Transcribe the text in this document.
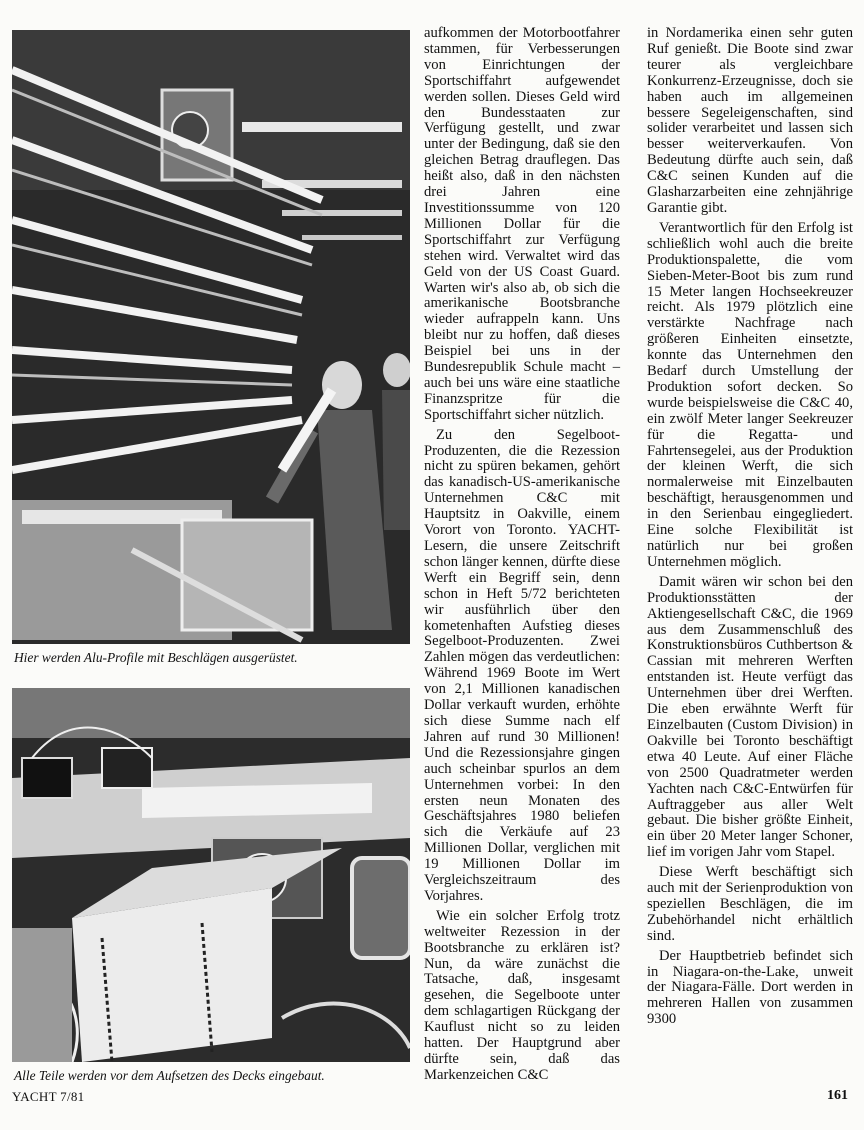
Hier werden Alu-Profile mit Beschlägen ausgerüstet.
Alle Teile werden vor dem Aufsetzen des Decks eingebaut.

aufkommen der Motorbootfahrer stammen, für Verbesserungen von Einrichtungen der Sportschiffahrt aufgewendet werden sollen. Dieses Geld wird den Bundesstaaten zur Verfügung gestellt, und zwar unter der Bedingung, daß sie den gleichen Betrag drauflegen. Das heißt also, daß in den nächsten drei Jahren eine Investitionssumme von 120 Millionen Dollar für die Sportschiffahrt zur Verfügung stehen wird. Verwaltet wird das Geld von der US Coast Guard. Warten wir's also ab, ob sich die amerikanische Bootsbranche wieder aufrappeln kann. Uns bleibt nur zu hoffen, daß dieses Beispiel bei uns in der Bundesrepublik Schule macht – auch bei uns wäre eine staatliche Finanzspritze für die Sportschiffahrt sicher nützlich.

Zu den Segelboot-Produzenten, die die Rezession nicht zu spüren bekamen, gehört das kanadisch-US-amerikanische Unternehmen C&C mit Hauptsitz in Oakville, einem Vorort von Toronto. YACHT-Lesern, die unsere Zeitschrift schon länger kennen, dürfte diese Werft ein Begriff sein, denn schon in Heft 5/72 berichteten wir ausführlich über den kometenhaften Aufstieg dieses Segelboot-Produzenten. Zwei Zahlen mögen das verdeutlichen: Während 1969 Boote im Wert von 2,1 Millionen kanadischen Dollar verkauft wurden, erhöhte sich diese Summe nach elf Jahren auf rund 30 Millionen! Und die Rezessionsjahre gingen auch scheinbar spurlos an dem Unternehmen vorbei: In den ersten neun Monaten des Geschäftsjahres 1980 beliefen sich die Verkäufe auf 23 Millionen Dollar, verglichen mit 19 Millionen Dollar im Vergleichszeitraum des Vorjahres.

Wie ein solcher Erfolg trotz weltweiter Rezession in der Bootsbranche zu erklären ist? Nun, da wäre zunächst die Tatsache, daß, insgesamt gesehen, die Segelboote unter dem schlagartigen Rückgang der Kauflust nicht so zu leiden hatten. Der Hauptgrund aber dürfte sein, daß das Markenzeichen C&C

in Nordamerika einen sehr guten Ruf genießt. Die Boote sind zwar teurer als vergleichbare Konkurrenz-Erzeugnisse, doch sie haben auch im allgemeinen bessere Segeleigenschaften, sind solider verarbeitet und lassen sich besser weiterverkaufen. Von Bedeutung dürfte auch sein, daß C&C seinen Kunden auf die Glasharzarbeiten eine zehnjährige Garantie gibt.

Verantwortlich für den Erfolg ist schließlich wohl auch die breite Produktionspalette, die vom Sieben-Meter-Boot bis zum rund 15 Meter langen Hochseekreuzer reicht. Als 1979 plötzlich eine verstärkte Nachfrage nach größeren Einheiten einsetzte, konnte das Unternehmen den Bedarf durch Umstellung der Produktion sofort decken. So wurde beispielsweise die C&C 40, ein zwölf Meter langer Seekreuzer für die Regatta- und Fahrtensegelei, aus der Produktion der kleinen Werft, die sich normalerweise mit Einzelbauten beschäftigt, herausgenommen und in den Serienbau eingegliedert. Eine solche Flexibilität ist natürlich nur bei großen Unternehmen möglich.

Damit wären wir schon bei den Produktionsstätten der Aktiengesellschaft C&C, die 1969 aus dem Zusammenschluß des Konstruktionsbüros Cuthbertson & Cassian mit mehreren Werften entstanden ist. Heute verfügt das Unternehmen über drei Werften. Die eben erwähnte Werft für Einzelbauten (Custom Division) in Oakville bei Toronto beschäftigt etwa 40 Leute. Auf einer Fläche von 2500 Quadratmeter werden Yachten nach C&C-Entwürfen für Auftraggeber aus aller Welt gebaut. Die bisher größte Einheit, ein über 20 Meter langer Schoner, lief im vorigen Jahr vom Stapel.

Diese Werft beschäftigt sich auch mit der Serienproduktion von speziellen Beschlägen, die im Zubehörhandel nicht erhältlich sind.

Der Hauptbetrieb befindet sich in Niagara-on-the-Lake, unweit der Niagara-Fälle. Dort werden in mehreren Hallen von zusammen 9300

YACHT 7/81	161
